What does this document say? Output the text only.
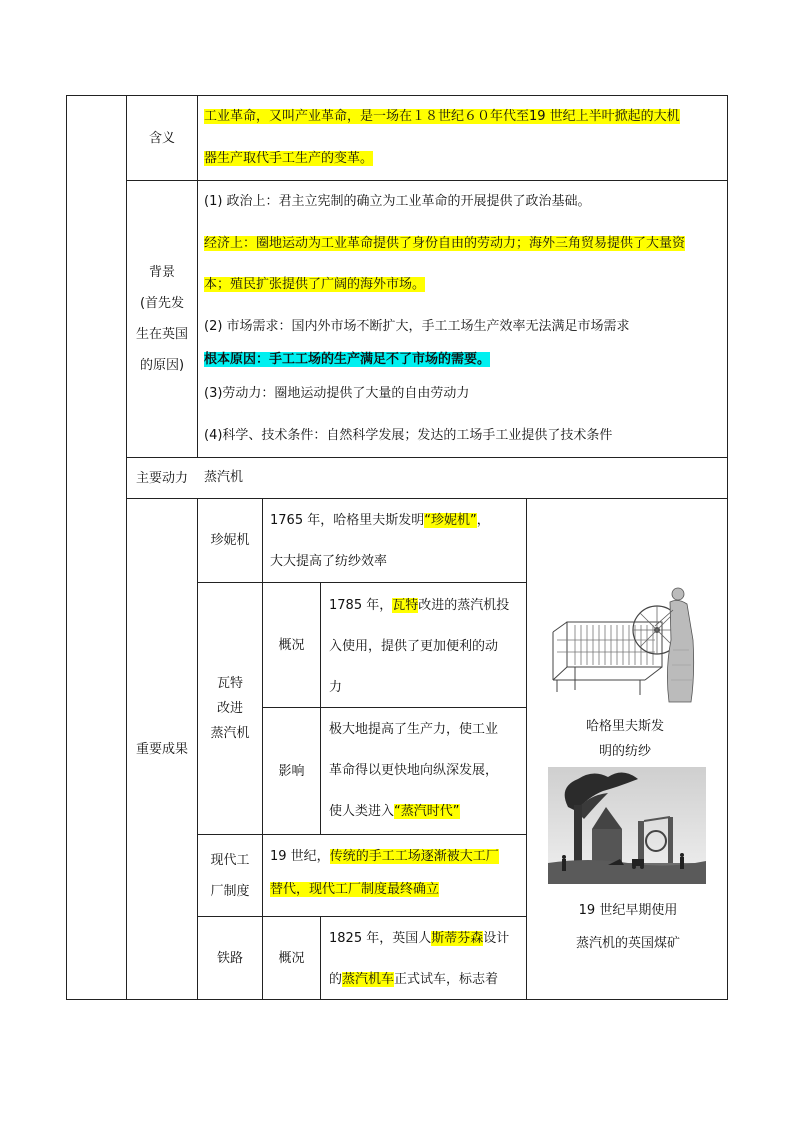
含义
工业革命，又叫产业革命，是一场在１８世纪６０年代至19 世纪上半叶掀起的大机
器生产取代手工生产的变革。
背景
(首先发
生在英国
的原因)
(1) 政治上：君主立宪制的确立为工业革命的开展提供了政治基础。
经济上：圈地运动为工业革命提供了身份自由的劳动力；海外三角贸易提供了大量资
本；殖民扩张提供了广阔的海外市场。
(2) 市场需求：国内外市场不断扩大，手工工场生产效率无法满足市场需求
根本原因：手工工场的生产满足不了市场的需要。
(3)劳动力：圈地运动提供了大量的自由劳动力
(4)科学、技术条件：自然科学发展；发达的工场手工业提供了技术条件
主要动力 蒸汽机
重要成果
珍妮机
1765 年，哈格里夫斯发明“珍妮机”，
大大提高了纺纱效率
瓦特
改进
蒸汽机
概况
1785 年，瓦特改进的蒸汽机投
入使用，提供了更加便利的动
力
影响
极大地提高了生产力，使工业
革命得以更快地向纵深发展，
使人类进入“蒸汽时代”
现代工
厂制度
19 世纪，传统的手工工场逐渐被大工厂
替代，现代工厂制度最终确立
铁路	概况
1825 年，英国人斯蒂芬森设计
的蒸汽机车正式试车，标志着
哈格里夫斯发
明的纺纱
19 世纪早期使用
蒸汽机的英国煤矿
